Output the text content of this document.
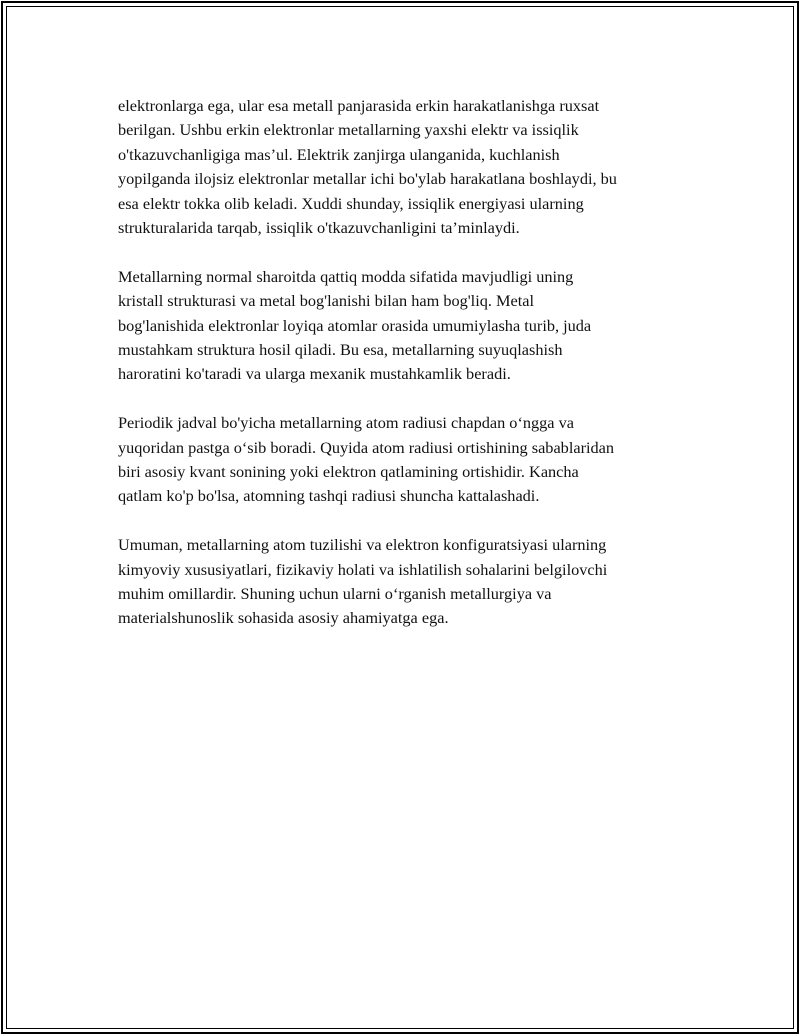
elektronlarga ega, ular esa metall panjarasida erkin harakatlanishga ruxsat
berilgan. Ushbu erkin elektronlar metallarning yaxshi elektr va issiqlik
o'tkazuvchanligiga mas’ul. Elektrik zanjirga ulanganida, kuchlanish
yopilganda ilojsiz elektronlar metallar ichi bo'ylab harakatlana boshlaydi, bu
esa elektr tokka olib keladi. Xuddi shunday, issiqlik energiyasi ularning
strukturalarida tarqab, issiqlik o'tkazuvchanligini ta’minlaydi.

Metallarning normal sharoitda qattiq modda sifatida mavjudligi uning
kristall strukturasi va metal bog'lanishi bilan ham bog'liq. Metal
bog'lanishida elektronlar loyiqa atomlar orasida umumiylasha turib, juda
mustahkam struktura hosil qiladi. Bu esa, metallarning suyuqlashish
haroratini ko'taradi va ularga mexanik mustahkamlik beradi.

Periodik jadval bo'yicha metallarning atom radiusi chapdan o‘ngga va
yuqoridan pastga o‘sib boradi. Quyida atom radiusi ortishining sabablaridan
biri asosiy kvant sonining yoki elektron qatlamining ortishidir. Kancha
qatlam ko'p bo'lsa, atomning tashqi radiusi shuncha kattalashadi.

Umuman, metallarning atom tuzilishi va elektron konfiguratsiyasi ularning
kimyoviy xususiyatlari, fizikaviy holati va ishlatilish sohalarini belgilovchi
muhim omillardir. Shuning uchun ularni o‘rganish metallurgiya va
materialshunoslik sohasida asosiy ahamiyatga ega.
